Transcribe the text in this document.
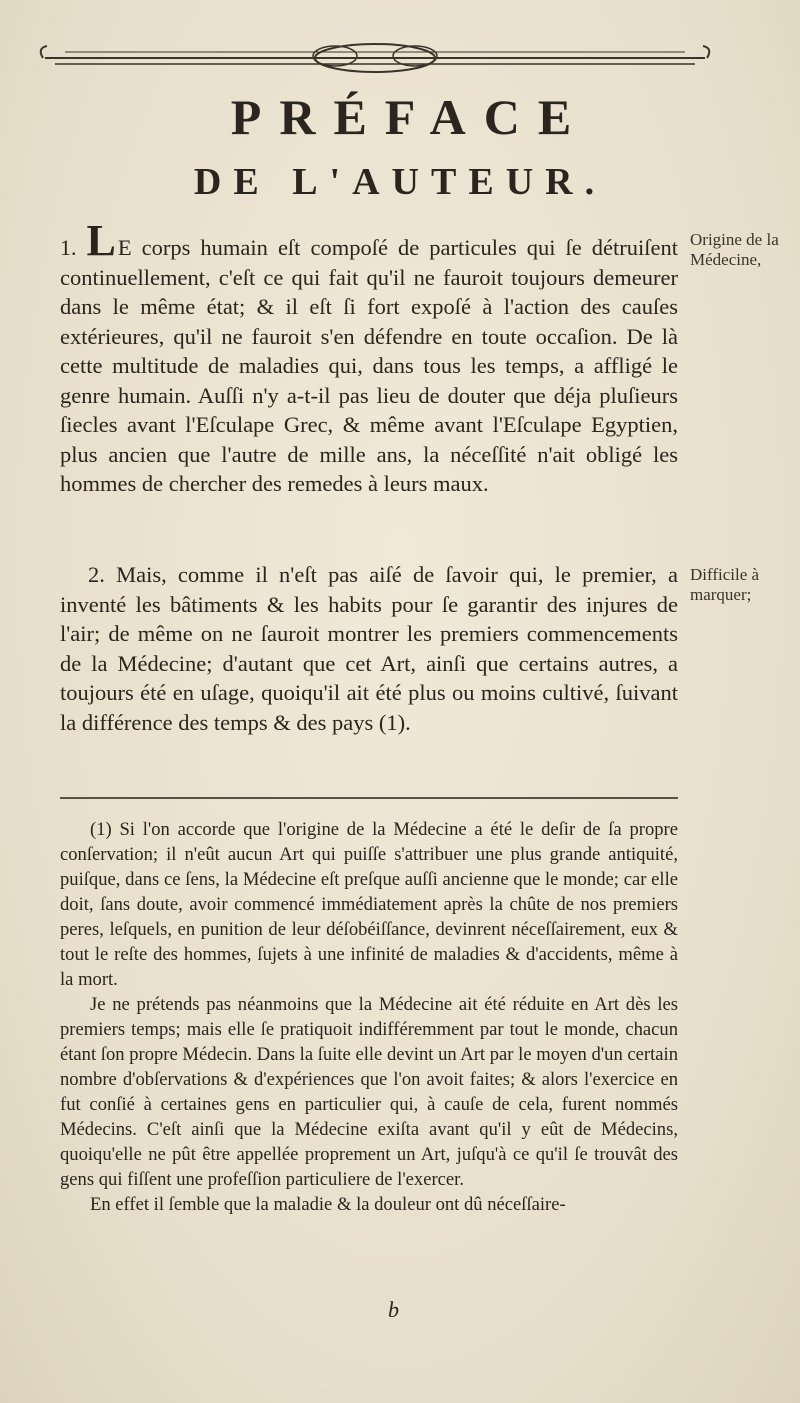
PRÉFACE
DE L'AUTEUR.
1. LE corps humain eſt compoſé de particules qui ſe détruiſent continuellement, c'eſt ce qui fait qu'il ne fauroit toujours demeurer dans le même état; & il eſt ſi fort expoſé à l'action des cauſes extérieures, qu'il ne fauroit s'en défendre en toute occaſion. De là cette multitude de maladies qui, dans tous les temps, a affligé le genre humain. Auſſi n'y a-t-il pas lieu de douter que déja pluſieurs ſiecles avant l'Eſculape Grec, & même avant l'Eſculape Egyptien, plus ancien que l'autre de mille ans, la néceſſité n'ait obligé les hommes de chercher des remedes à leurs maux.
2. Mais, comme il n'eſt pas aiſé de ſavoir qui, le premier, a inventé les bâtiments & les habits pour ſe garantir des injures de l'air; de même on ne ſauroit montrer les premiers commencements de la Médecine; d'autant que cet Art, ainſi que certains autres, a toujours été en uſage, quoiqu'il ait été plus ou moins cultivé, ſuivant la différence des temps & des pays (1).
Origine de la Médecine,
Difficile à marquer;

(1) Si l'on accorde que l'origine de la Médecine a été le deſir de ſa propre conſervation; il n'eût aucun Art qui puiſſe s'attribuer une plus grande antiquité, puiſque, dans ce ſens, la Médecine eſt preſque auſſi ancienne que le monde; car elle doit, ſans doute, avoir commencé immédiatement après la chûte de nos premiers peres, leſquels, en punition de leur déſobéiſſance, devinrent néceſſairement, eux & tout le reſte des hommes, ſujets à une infinité de maladies & d'accidents, même à la mort.

Je ne prétends pas néanmoins que la Médecine ait été réduite en Art dès les premiers temps; mais elle ſe pratiquoit indifféremment par tout le monde, chacun étant ſon propre Médecin. Dans la ſuite elle devint un Art par le moyen d'un certain nombre d'obſervations & d'expériences que l'on avoit faites; & alors l'exercice en fut conſié à certaines gens en particulier qui, à cauſe de cela, furent nommés Médecins. C'eſt ainſi que la Médecine exiſta avant qu'il y eût de Médecins, quoiqu'elle ne pût être appellée proprement un Art, juſqu'à ce qu'il ſe trouvât des gens qui fiſſent une profeſſion particuliere de l'exercer.

En effet il ſemble que la maladie & la douleur ont dû néceſſaire-

b
